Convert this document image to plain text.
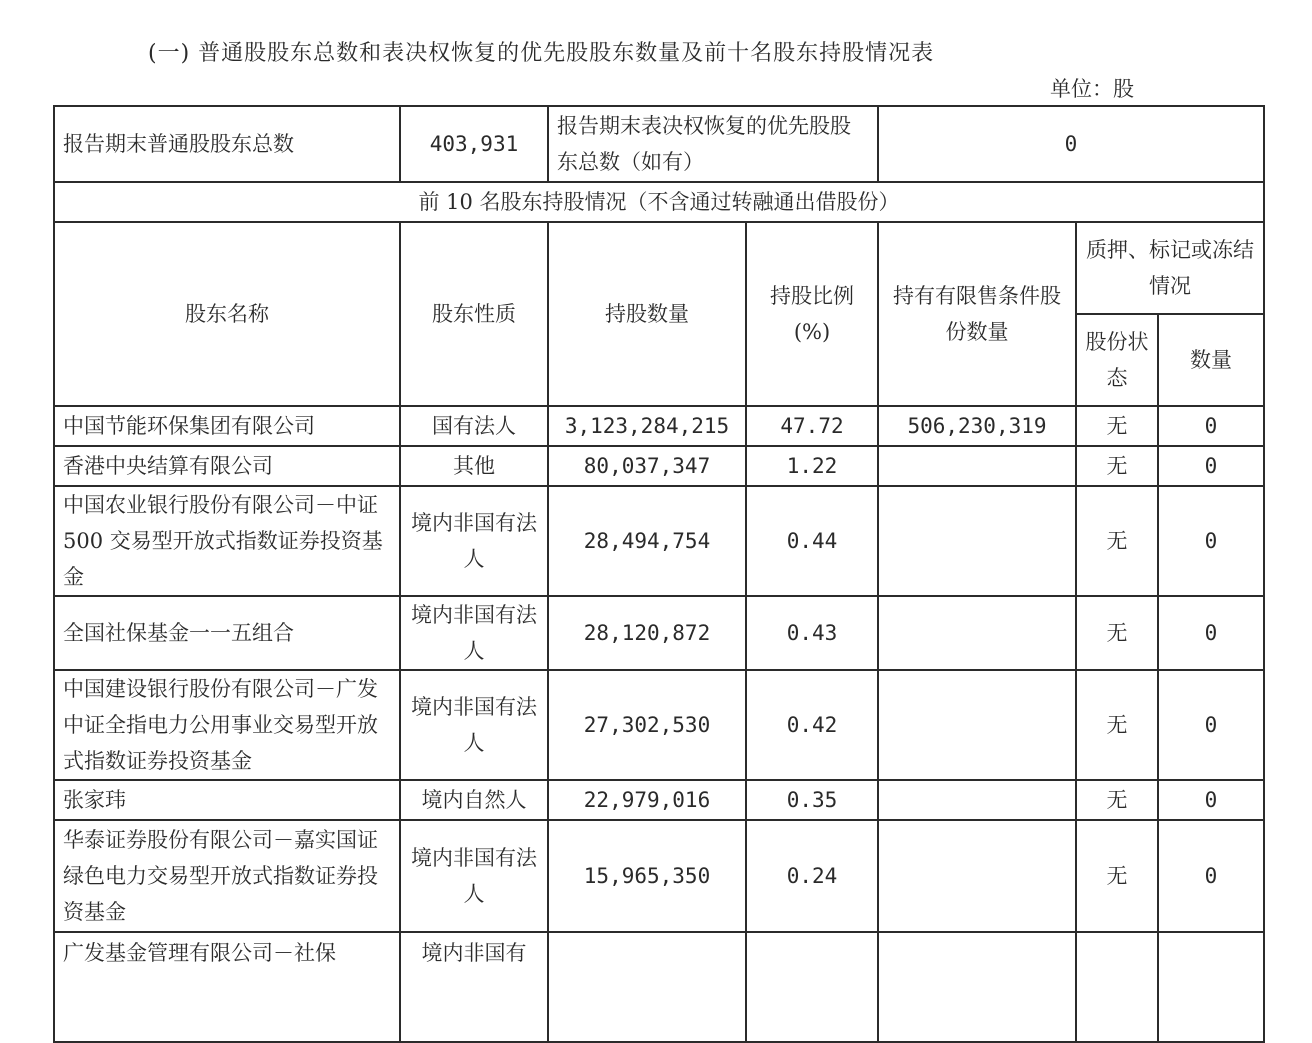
(一) 普通股股东总数和表决权恢复的优先股股东数量及前十名股东持股情况表
单位：股
报告期末普通股股东总数	403,931	报告期末表决权恢复的优先股股东总数（如有）		0		
前 10 名股东持股情况（不含通过转融通出借股份）						
股东名称	股东性质	持股数量	持股比例(%)	持有有限售条件股份数量	质押、标记或冻结情况	
					股份状态	数量
中国节能环保集团有限公司	国有法人	3,123,284,215	47.72	506,230,319	无	0
香港中央结算有限公司	其他	80,037,347	1.22		无	0
中国农业银行股份有限公司－中证 500 交易型开放式指数证券投资基金	境内非国有法人	28,494,754	0.44		无	0
全国社保基金一一五组合	境内非国有法人	28,120,872	0.43		无	0
中国建设银行股份有限公司－广发中证全指电力公用事业交易型开放式指数证券投资基金	境内非国有法人	27,302,530	0.42		无	0
张家玮	境内自然人	22,979,016	0.35		无	0
华泰证券股份有限公司－嘉实国证绿色电力交易型开放式指数证券投资基金	境内非国有法人	15,965,350	0.24		无	0
广发基金管理有限公司－社保	境内非国有					
